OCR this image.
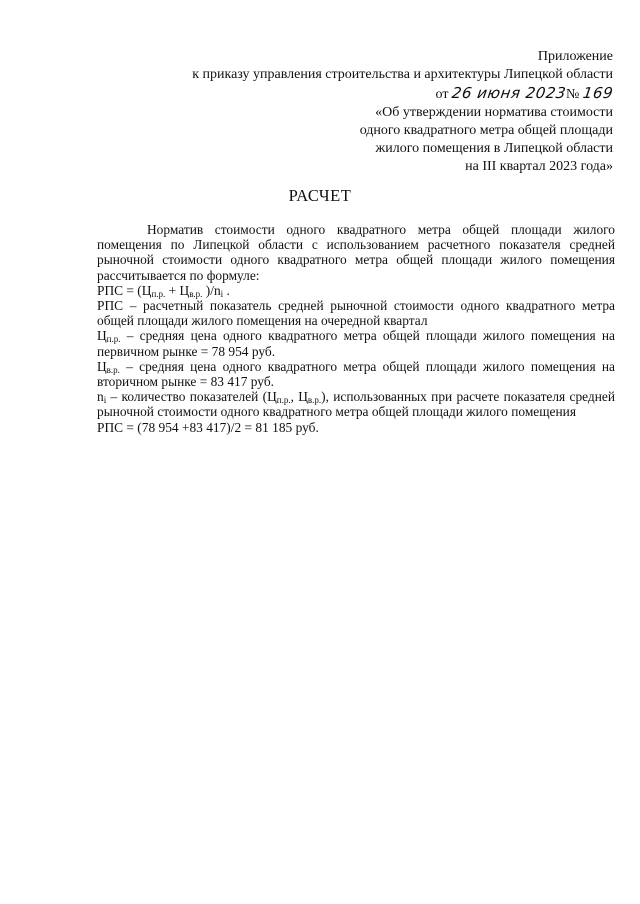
Приложение
к приказу управления строительства и архитектуры Липецкой области
от 26 июня 2023№ 169
«Об утверждении норматива стоимости
одного квадратного метра общей площади
жилого помещения в Липецкой области
на III квартал 2023 года»
РАСЧЕТ

Норматив стоимости одного квадратного метра общей площади жилого помещения по Липецкой области с использованием расчетного показателя средней рыночной стоимости одного квадратного метра общей площади жилого помещения рассчитывается по формуле:

РПС = ($Ц_{п.р.} + Ц_{в.р.}$ )$/n_i$ .

РПС – расчетный показатель средней рыночной стоимости одного квадратного метра общей площади жилого помещения на очередной квартал

$Ц_{п.р.}$ – средняя цена одного квадратного метра общей площади жилого помещения на первичном рынке = 78 954 руб.

$Ц_{в.р.}$ – средняя цена одного квадратного метра общей площади жилого помещения на вторичном рынке = 83 417 руб.

$n_i$ – количество показателей ($Ц_{п.р.}$, $Ц_{в.р.}$), использованных при расчете показателя средней рыночной стоимости одного квадратного метра общей площади жилого помещения

РПС = (78 954 +83 417)/2 = 81 185 руб.
